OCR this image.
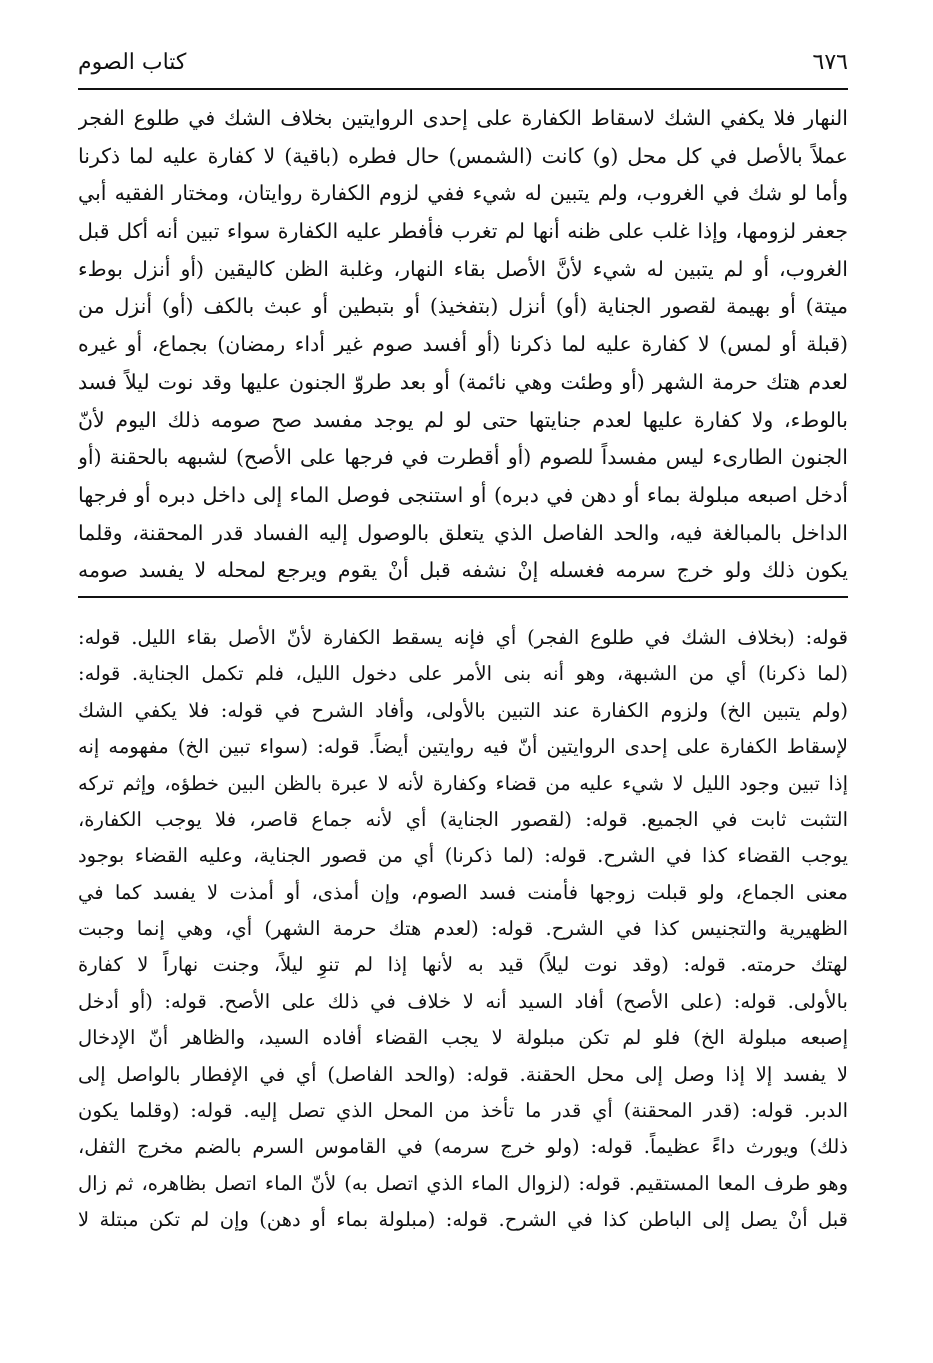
٦٧٦
كتاب الصوم
النهار فلا يكفي الشك لاسقاط الكفارة على إحدى الروايتين بخلاف الشك في طلوع الفجر
عملاً بالأصل في كل محل (و) كانت (الشمس) حال فطره (باقية) لا كفارة عليه لما ذكرنا
وأما لو شك في الغروب، ولم يتبين له شيء ففي لزوم الكفارة روايتان، ومختار الفقيه أبي
جعفر لزومها، وإذا غلب على ظنه أنها لم تغرب فأفطر عليه الكفارة سواء تبين أنه أكل قبل
الغروب، أو لم يتبين له شيء لأنَّ الأصل بقاء النهار، وغلبة الظن كاليقين (أو أنزل بوطء
ميتة) أو بهيمة لقصور الجناية (أو) أنزل (بتفخيذ) أو بتبطين أو عبث بالكف (أو) أنزل من
(قبلة أو لمس) لا كفارة عليه لما ذكرنا (أو أفسد صوم غير أداء رمضان) بجماع، أو غيره
لعدم هتك حرمة الشهر (أو وطئت وهي نائمة) أو بعد طروّ الجنون عليها وقد نوت ليلاً فسد
بالوطء، ولا كفارة عليها لعدم جنايتها حتى لو لم يوجد مفسد صح صومه ذلك اليوم لأنّ
الجنون الطارىء ليس مفسداً للصوم (أو أقطرت في فرجها على الأصح) لشبهه بالحقنة (أو
أدخل اصبعه مبلولة بماء أو دهن في دبره) أو استنجى فوصل الماء إلى داخل دبره أو فرجها
الداخل بالمبالغة فيه، والحد الفاصل الذي يتعلق بالوصول إليه الفساد قدر المحقنة، وقلما
يكون ذلك ولو خرج سرمه فغسله إنْ نشفه قبل أنْ يقوم ويرجع لمحله لا يفسد صومه
قوله: (بخلاف الشك في طلوع الفجر) أي فإنه يسقط الكفارة لأنّ الأصل بقاء الليل. قوله:
(لما ذكرنا) أي من الشبهة، وهو أنه بنى الأمر على دخول الليل، فلم تكمل الجناية. قوله:
(ولم يتبين الخ) ولزوم الكفارة عند التبين بالأولى، وأفاد الشرح في قوله: فلا يكفي الشك
لإسقاط الكفارة على إحدى الروايتين أنّ فيه روايتين أيضاً. قوله: (سواء تبين الخ) مفهومه إنه
إذا تبين وجود الليل لا شيء عليه من قضاء وكفارة لأنه لا عبرة بالظن البين خطؤه، وإثم تركه
التثبت ثابت في الجميع. قوله: (لقصور الجناية) أي لأنه جماع قاصر، فلا يوجب الكفارة،
يوجب القضاء كذا في الشرح. قوله: (لما ذكرنا) أي من قصور الجناية، وعليه القضاء بوجود
معنى الجماع، ولو قبلت زوجها فأمنت فسد الصوم، وإن أمذى، أو أمذت لا يفسد كما في
الظهيرية والتجنيس كذا في الشرح. قوله: (لعدم هتك حرمة الشهر) أي، وهي إنما وجبت
لهتك حرمته. قوله: (وقد نوت ليلاً) قيد به لأنها إذا لم تنوِ ليلاً، وجنت نهاراً لا كفارة
بالأولى. قوله: (على الأصح) أفاد السيد أنه لا خلاف في ذلك على الأصح. قوله: (أو أدخل
إصبعه مبلولة الخ) فلو لم تكن مبلولة لا يجب القضاء أفاده السيد، والظاهر أنّ الإدخال
لا يفسد إلا إذا وصل إلى محل الحقنة. قوله: (والحد الفاصل) أي في الإفطار بالواصل إلى
الدبر. قوله: (قدر المحقنة) أي قدر ما تأخذ من المحل الذي تصل إليه. قوله: (وقلما يكون
ذلك) ويورث داءً عظيماً. قوله: (ولو خرج سرمه) في القاموس السرم بالضم مخرج الثفل،
وهو طرف المعا المستقيم. قوله: (لزوال الماء الذي اتصل به) لأنّ الماء اتصل بظاهره، ثم زال
قبل أنْ يصل إلى الباطن كذا في الشرح. قوله: (مبلولة بماء أو دهن) وإن لم تكن مبتلة لا
